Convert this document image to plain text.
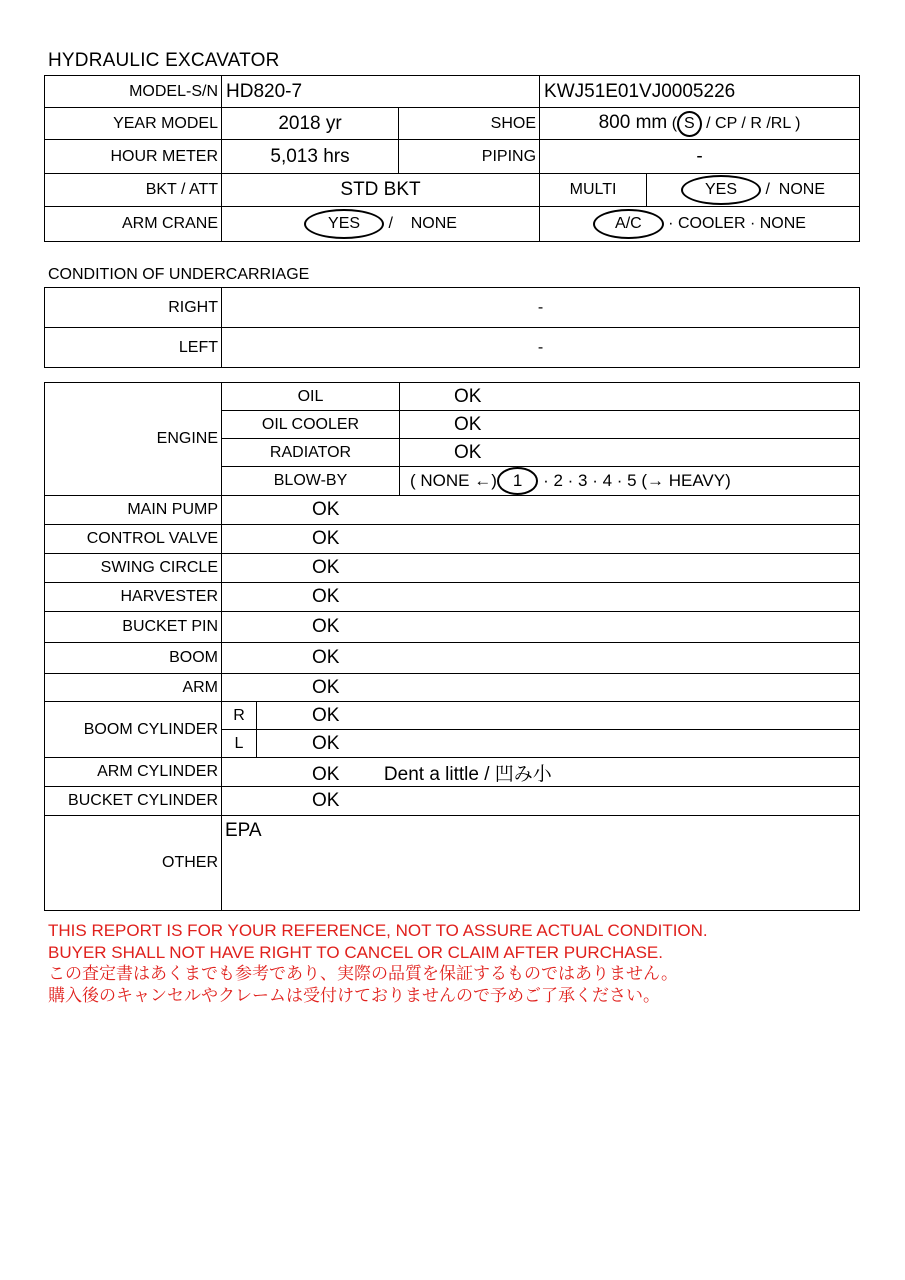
HYDRAULIC EXCAVATOR
MODEL-S/N	HD820-7		KWJ51E01VJ0005226	
YEAR MODEL	2018 yr	SHOE	800 mm ( S / CP / R /RL )	
HOUR METER	5,013 hrs	PIPING	-	
BKT / ATT	STD BKT		MULTI	YES / NONE
ARM CRANE	YES / NONE		A/C · COOLER · NONE	
CONDITION OF UNDERCARRIAGE
RIGHT	-
LEFT	-
ENGINE	OIL		OK
	OIL COOLER		OK
	RADIATOR		OK
	BLOW-BY		( NONE ←) 1 · 2 · 3 · 4 · 5 (→ HEAVY)
MAIN PUMP	OK		
CONTROL VALVE	OK		
SWING CIRCLE	OK		
HARVESTER	OK		
BUCKET PIN	OK		
BOOM	OK		
ARM	OK		
BOOM CYLINDER	R	OK	
	L	OK	
ARM CYLINDER	OK Dent a little / 凹み小		
BUCKET CYLINDER	OK		
OTHER	EPA		
THIS REPORT IS FOR YOUR REFERENCE, NOT TO ASSURE ACTUAL CONDITION.
BUYER SHALL NOT HAVE RIGHT TO CANCEL OR CLAIM AFTER PURCHASE.
この査定書はあくまでも参考であり、実際の品質を保証するものではありません。
購入後のキャンセルやクレームは受付けておりませんので予めご了承ください。
